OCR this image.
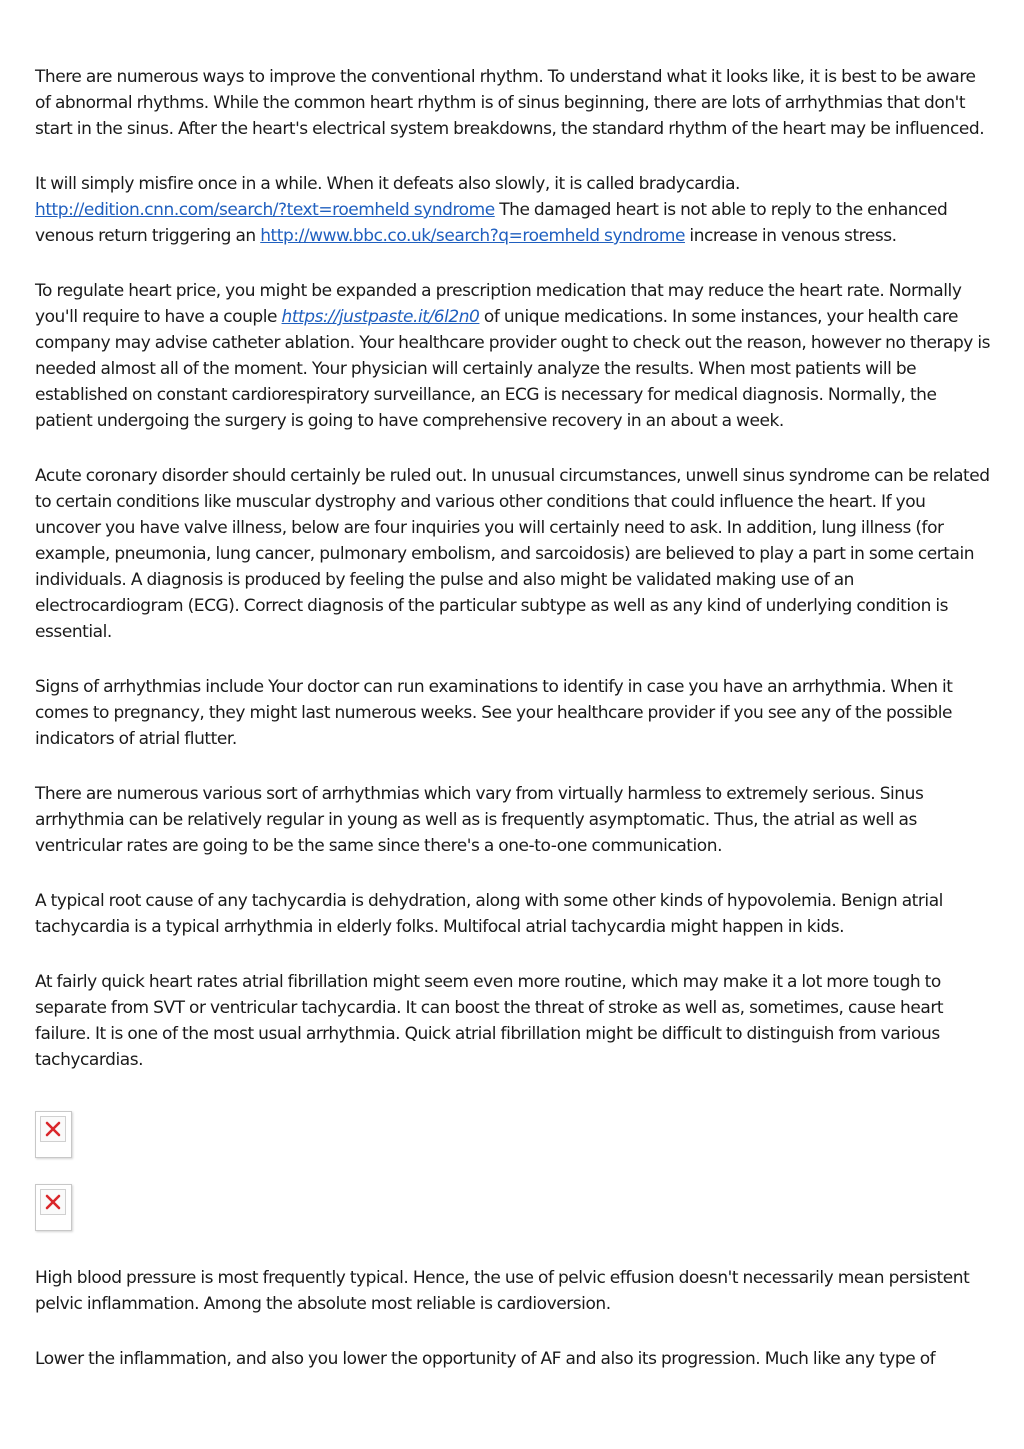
There are numerous ways to improve the conventional rhythm. To understand what it looks like, it is best to be aware of abnormal rhythms. While the common heart rhythm is of sinus beginning, there are lots of arrhythmias that don't start in the sinus. After the heart's electrical system breakdowns, the standard rhythm of the heart may be influenced.

It will simply misfire once in a while. When it defeats also slowly, it is called bradycardia. http://edition.cnn.com/search/?text=roemheld syndrome The damaged heart is not able to reply to the enhanced venous return triggering an http://www.bbc.co.uk/search?q=roemheld syndrome increase in venous stress.

To regulate heart price, you might be expanded a prescription medication that may reduce the heart rate. Normally you'll require to have a couple https://justpaste.it/6l2n0 of unique medications. In some instances, your health care company may advise catheter ablation. Your healthcare provider ought to check out the reason, however no therapy is needed almost all of the moment. Your physician will certainly analyze the results. When most patients will be established on constant cardiorespiratory surveillance, an ECG is necessary for medical diagnosis. Normally, the patient undergoing the surgery is going to have comprehensive recovery in an about a week.

Acute coronary disorder should certainly be ruled out. In unusual circumstances, unwell sinus syndrome can be related to certain conditions like muscular dystrophy and various other conditions that could influence the heart. If you uncover you have valve illness, below are four inquiries you will certainly need to ask. In addition, lung illness (for example, pneumonia, lung cancer, pulmonary embolism, and sarcoidosis) are believed to play a part in some certain individuals. A diagnosis is produced by feeling the pulse and also might be validated making use of an electrocardiogram (ECG). Correct diagnosis of the particular subtype as well as any kind of underlying condition is essential.

Signs of arrhythmias include Your doctor can run examinations to identify in case you have an arrhythmia. When it comes to pregnancy, they might last numerous weeks. See your healthcare provider if you see any of the possible indicators of atrial flutter.

There are numerous various sort of arrhythmias which vary from virtually harmless to extremely serious. Sinus arrhythmia can be relatively regular in young as well as is frequently asymptomatic. Thus, the atrial as well as ventricular rates are going to be the same since there's a one-to-one communication.

A typical root cause of any tachycardia is dehydration, along with some other kinds of hypovolemia. Benign atrial tachycardia is a typical arrhythmia in elderly folks. Multifocal atrial tachycardia might happen in kids.

At fairly quick heart rates atrial fibrillation might seem even more routine, which may make it a lot more tough to separate from SVT or ventricular tachycardia. It can boost the threat of stroke as well as, sometimes, cause heart failure. It is one of the most usual arrhythmia. Quick atrial fibrillation might be difficult to distinguish from various tachycardias.

High blood pressure is most frequently typical. Hence, the use of pelvic effusion doesn't necessarily mean persistent pelvic inflammation. Among the absolute most reliable is cardioversion.

Lower the inflammation, and also you lower the opportunity of AF and also its progression. Much like any type of
